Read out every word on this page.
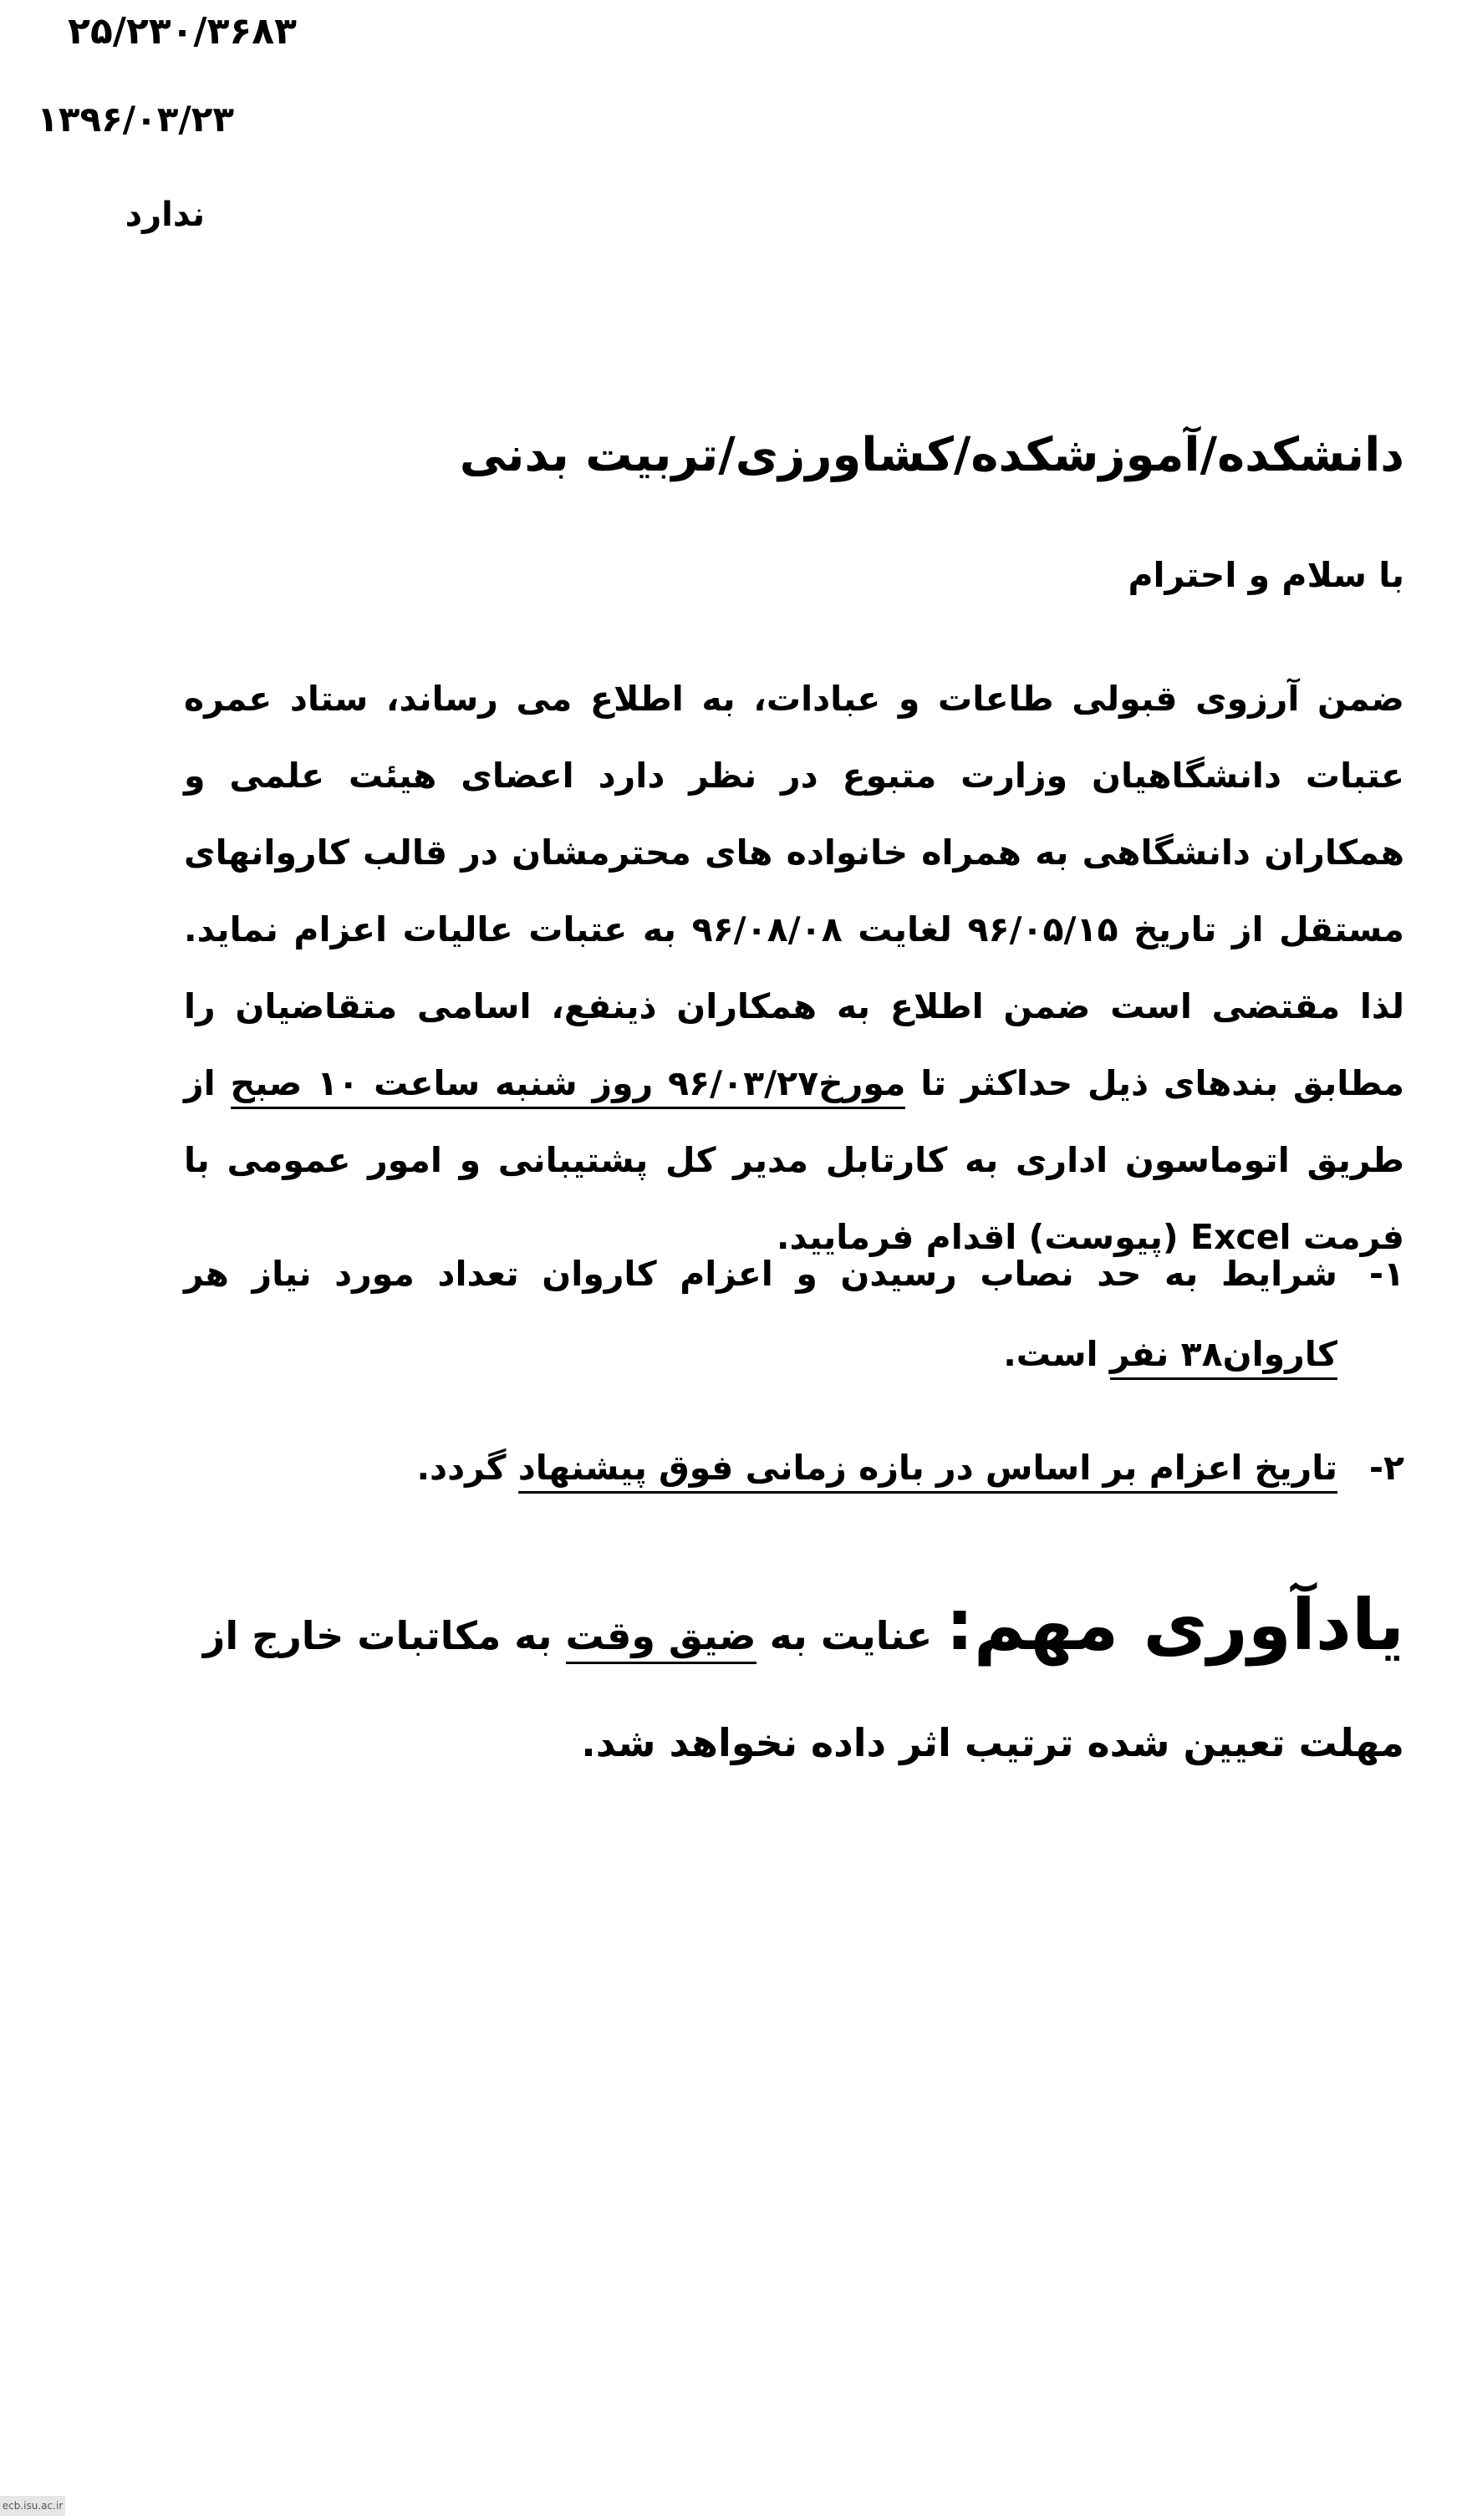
۲۵/۲۳۰/۳۶۸۳
۱۳۹۶/۰۳/۲۳
ندارد
دانشکده/آموزشکده/کشاورزی/تربیت بدنی
با سلام و احترام
ضمن آرزوی قبولی طاعات و عبادات، به اطلاع می رساند، ستاد عمره عتبات دانشگاهیان وزارت متبوع در نظر دارد اعضای هیئت علمی و همکاران دانشگاهی به همراه خانواده های محترمشان در قالب کاروانهای مستقل از تاریخ ۹۶/۰۵/۱۵ لغایت ۹۶/۰۸/۰۸ به عتبات عالیات اعزام نماید. لذا مقتضی است ضمن اطلاع به همکاران ذینفع، اسامی متقاضیان را مطابق بندهای ذیل حداکثر تا مورخ۹۶/۰۳/۲۷ روز شنبه ساعت ۱۰ صبح از طریق اتوماسون اداری به کارتابل مدیر کل پشتیبانی و امور عمومی با فرمت Excel (پیوست) اقدام فرمایید.
۱-
شرایط به حد نصاب رسیدن و اعزام کاروان تعداد مورد نیاز هر کاروان۳۸ نفر است.
۲-
تاریخ اعزام بر اساس در بازه زمانی فوق پیشنهاد گردد.
یادآوری مهم: عنایت به ضیق وقت به مکاتبات خارج از مهلت تعیین شده ترتیب اثر داده نخواهد شد.
ecb.isu.ac.ir
